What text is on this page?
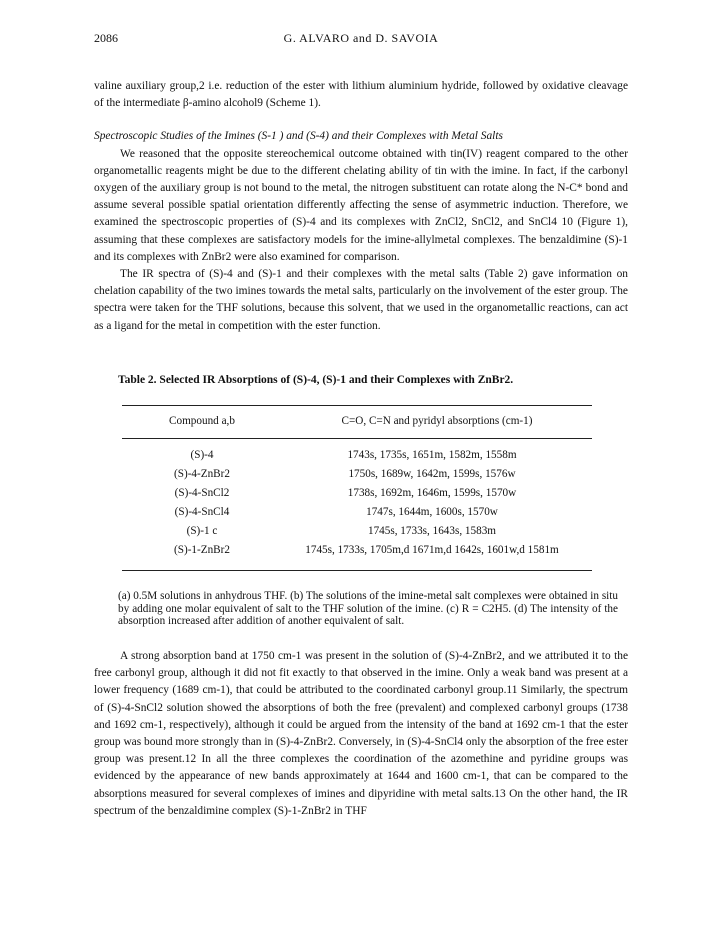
2086	G. ALVARO and D. SAVOIA

valine auxiliary group,2 i.e. reduction of the ester with lithium aluminium hydride, followed by oxidative cleavage of the intermediate β-amino alcohol9 (Scheme 1).

Spectroscopic Studies of the Imines (S-1 ) and (S-4) and their Complexes with Metal Salts

We reasoned that the opposite stereochemical outcome obtained with tin(IV) reagent compared to the other organometallic reagents might be due to the different chelating ability of tin with the imine. In fact, if the carbonyl oxygen of the auxiliary group is not bound to the metal, the nitrogen substituent can rotate along the N-C* bond and assume several possible spatial orientation differently affecting the sense of asymmetric induction. Therefore, we examined the spectroscopic properties of (S)-4 and its complexes with ZnCl2, SnCl2, and SnCl4 10 (Figure 1), assuming that these complexes are satisfactory models for the imine-allylmetal complexes. The benzaldimine (S)-1 and its complexes with ZnBr2 were also examined for comparison.

The IR spectra of (S)-4 and (S)-1 and their complexes with the metal salts (Table 2) gave information on chelation capability of the two imines towards the metal salts, particularly on the involvement of the ester group. The spectra were taken for the THF solutions, because this solvent, that we used in the organometallic reactions, can act as a ligand for the metal in competition with the ester function.

Table 2. Selected IR Absorptions of (S)-4, (S)-1 and their Complexes with ZnBr2.
Compound a,b	C=O, C=N and pyridyl absorptions (cm-1)
(S)-4	1743s, 1735s, 1651m, 1582m, 1558m
(S)-4-ZnBr2	1750s, 1689w, 1642m, 1599s, 1576w
(S)-4-SnCl2	1738s, 1692m, 1646m, 1599s, 1570w
(S)-4-SnCl4	1747s, 1644m, 1600s, 1570w
(S)-1 c	1745s, 1733s, 1643s, 1583m
(S)-1-ZnBr2	1745s, 1733s, 1705m,d 1671m,d 1642s, 1601w,d 1581m
(a) 0.5M solutions in anhydrous THF. (b) The solutions of the imine-metal salt complexes were obtained in situ by adding one molar equivalent of salt to the THF solution of the imine. (c) R = C2H5. (d) The intensity of the absorption increased after addition of another equivalent of salt.

A strong absorption band at 1750 cm-1 was present in the solution of (S)-4-ZnBr2, and we attributed it to the free carbonyl group, although it did not fit exactly to that observed in the imine. Only a weak band was present at a lower frequency (1689 cm-1), that could be attributed to the coordinated carbonyl group.11 Similarly, the spectrum of (S)-4-SnCl2 solution showed the absorptions of both the free (prevalent) and complexed carbonyl groups (1738 and 1692 cm-1, respectively), although it could be argued from the intensity of the band at 1692 cm-1 that the ester group was bound more strongly than in (S)-4-ZnBr2. Conversely, in (S)-4-SnCl4 only the absorption of the free ester group was present.12 In all the three complexes the coordination of the azomethine and pyridine groups was evidenced by the appearance of new bands approximately at 1644 and 1600 cm-1, that can be compared to the absorptions measured for several complexes of imines and dipyridine with metal salts.13 On the other hand, the IR spectrum of the benzaldimine complex (S)-1-ZnBr2 in THF
